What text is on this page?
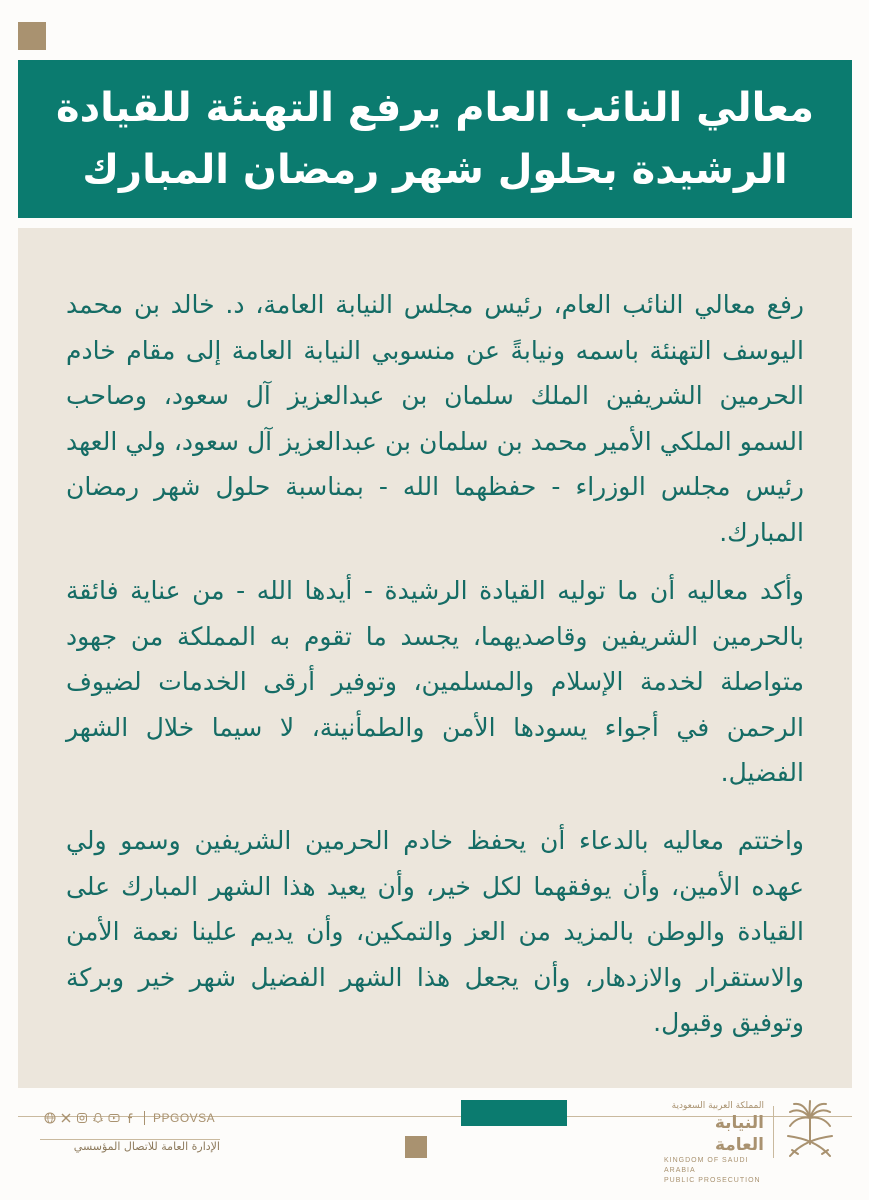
معالي النائب العام يرفع التهنئة للقيادة
الرشيدة بحلول شهر رمضان المبارك

رفع معالي النائب العام، رئيس مجلس النيابة العامة، د. خالد بن محمد اليوسف التهنئة باسمه ونيابةً عن منسوبي النيابة العامة إلى مقام خادم الحرمين الشريفين الملك سلمان بن عبدالعزيز آل سعود، وصاحب السمو الملكي الأمير محمد بن سلمان بن عبدالعزيز آل سعود، ولي العهد رئيس مجلس الوزراء - حفظهما الله - بمناسبة حلول شهر رمضان المبارك.

وأكد معاليه أن ما توليه القيادة الرشيدة - أيدها الله - من عناية فائقة بالحرمين الشريفين وقاصديهما، يجسد ما تقوم به المملكة من جهود متواصلة لخدمة الإسلام والمسلمين، وتوفير أرقى الخدمات لضيوف الرحمن في أجواء يسودها الأمن والطمأنينة، لا سيما خلال الشهر الفضيل.

واختتم معاليه بالدعاء أن يحفظ خادم الحرمين الشريفين وسمو ولي عهده الأمين، وأن يوفقهما لكل خير، وأن يعيد هذا الشهر المبارك على القيادة والوطن بالمزيد من العز والتمكين، وأن يديم علينا نعمة الأمن والاستقرار والازدهار، وأن يجعل هذا الشهر الفضيل شهر خير وبركة وتوفيق وقبول.

PPGOVSA
الإدارة العامة للاتصال المؤسسي
المملكة العربية السعودية
النيابة العامة
KINGDOM OF SAUDI ARABIA
PUBLIC PROSECUTION
